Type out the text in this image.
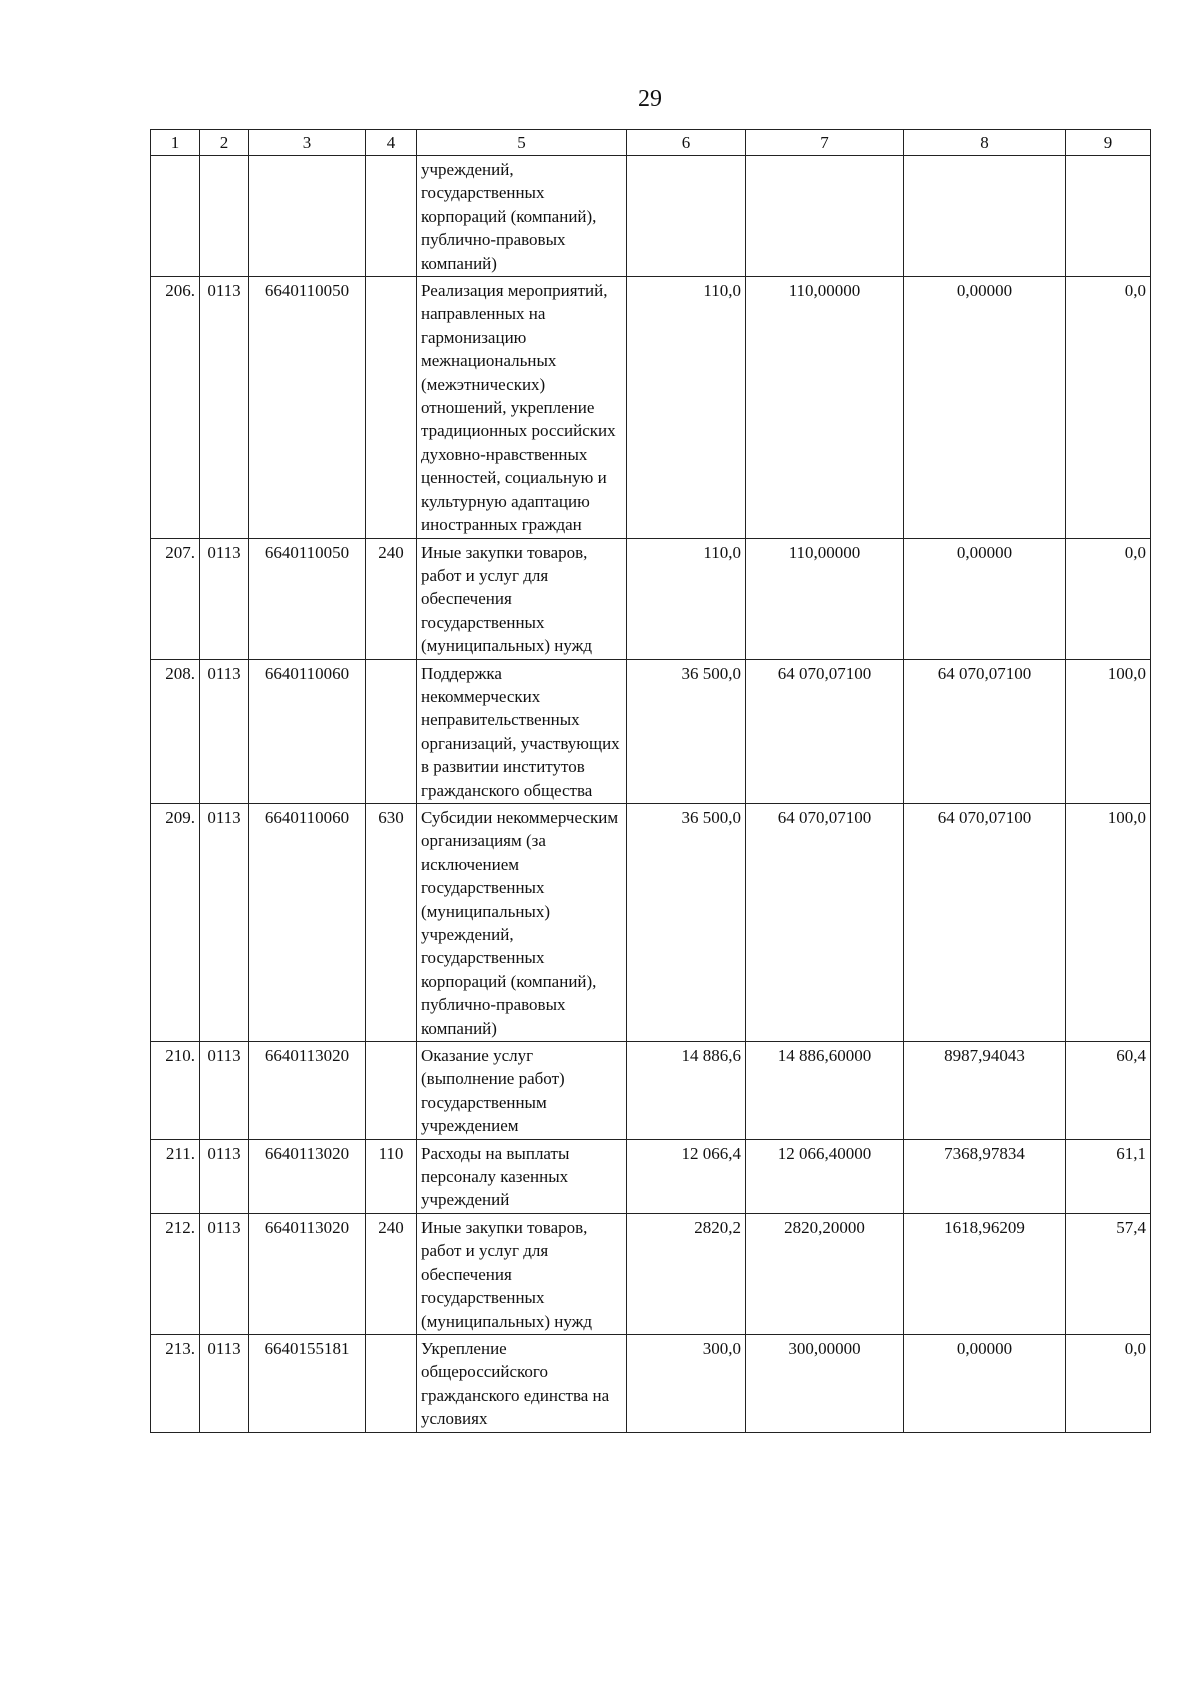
29
1	2	3	4	5	6	7	8	9
				учреждений, государственных корпораций (компаний), публично-правовых компаний)				
206.	0113	6640110050		Реализация мероприятий, направленных на гармонизацию межнациональных (межэтнических) отношений, укрепление традиционных российских духовно-нравственных ценностей, социальную и культурную адаптацию иностранных граждан	110,0	110,00000	0,00000	0,0
207.	0113	6640110050	240	Иные закупки товаров, работ и услуг для обеспечения государственных (муниципальных) нужд	110,0	110,00000	0,00000	0,0
208.	0113	6640110060		Поддержка некоммерческих неправительственных организаций, участвующих в развитии институтов гражданского общества	36 500,0	64 070,07100	64 070,07100	100,0
209.	0113	6640110060	630	Субсидии некоммерческим организациям (за исключением государственных (муниципальных) учреждений, государственных корпораций (компаний), публично-правовых компаний)	36 500,0	64 070,07100	64 070,07100	100,0
210.	0113	6640113020		Оказание услуг (выполнение работ) государственным учреждением	14 886,6	14 886,60000	8987,94043	60,4
211.	0113	6640113020	110	Расходы на выплаты персоналу казенных учреждений	12 066,4	12 066,40000	7368,97834	61,1
212.	0113	6640113020	240	Иные закупки товаров, работ и услуг для обеспечения государственных (муниципальных) нужд	2820,2	2820,20000	1618,96209	57,4
213.	0113	6640155181		Укрепление общероссийского гражданского единства на условиях	300,0	300,00000	0,00000	0,0
